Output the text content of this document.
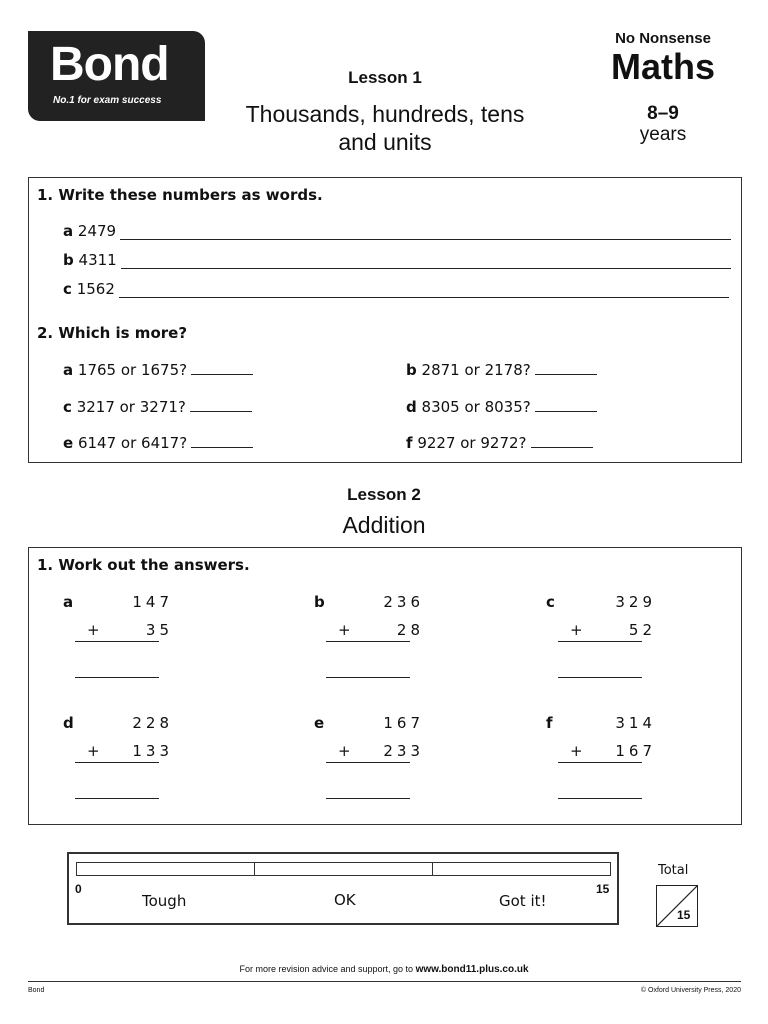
Bond
No.1 for exam success
Lesson 1
Thousands, hundreds, tens
and units
No Nonsense
Maths
8–9
years
1. Write these numbers as words.
a
2479
b
4311
c
1562
2. Which is more?
a 1765 or 1675?	b 2871 or 2178?
c 3217 or 3271?	d 8305 or 8035?
e 6147 or 6417?	f 9227 or 9272?
Lesson 2
Addition
1. Work out the answers.
a	147
+	35
b	236
+	28
c	329
+	52
d	228
+ 133
e	167
+ 233
f	314
+ 167
0	15
Tough	OK	Got it!
Total
15
For more revision advice and support, go to www.bond11.plus.co.uk
Bond	© Oxford University Press, 2020
